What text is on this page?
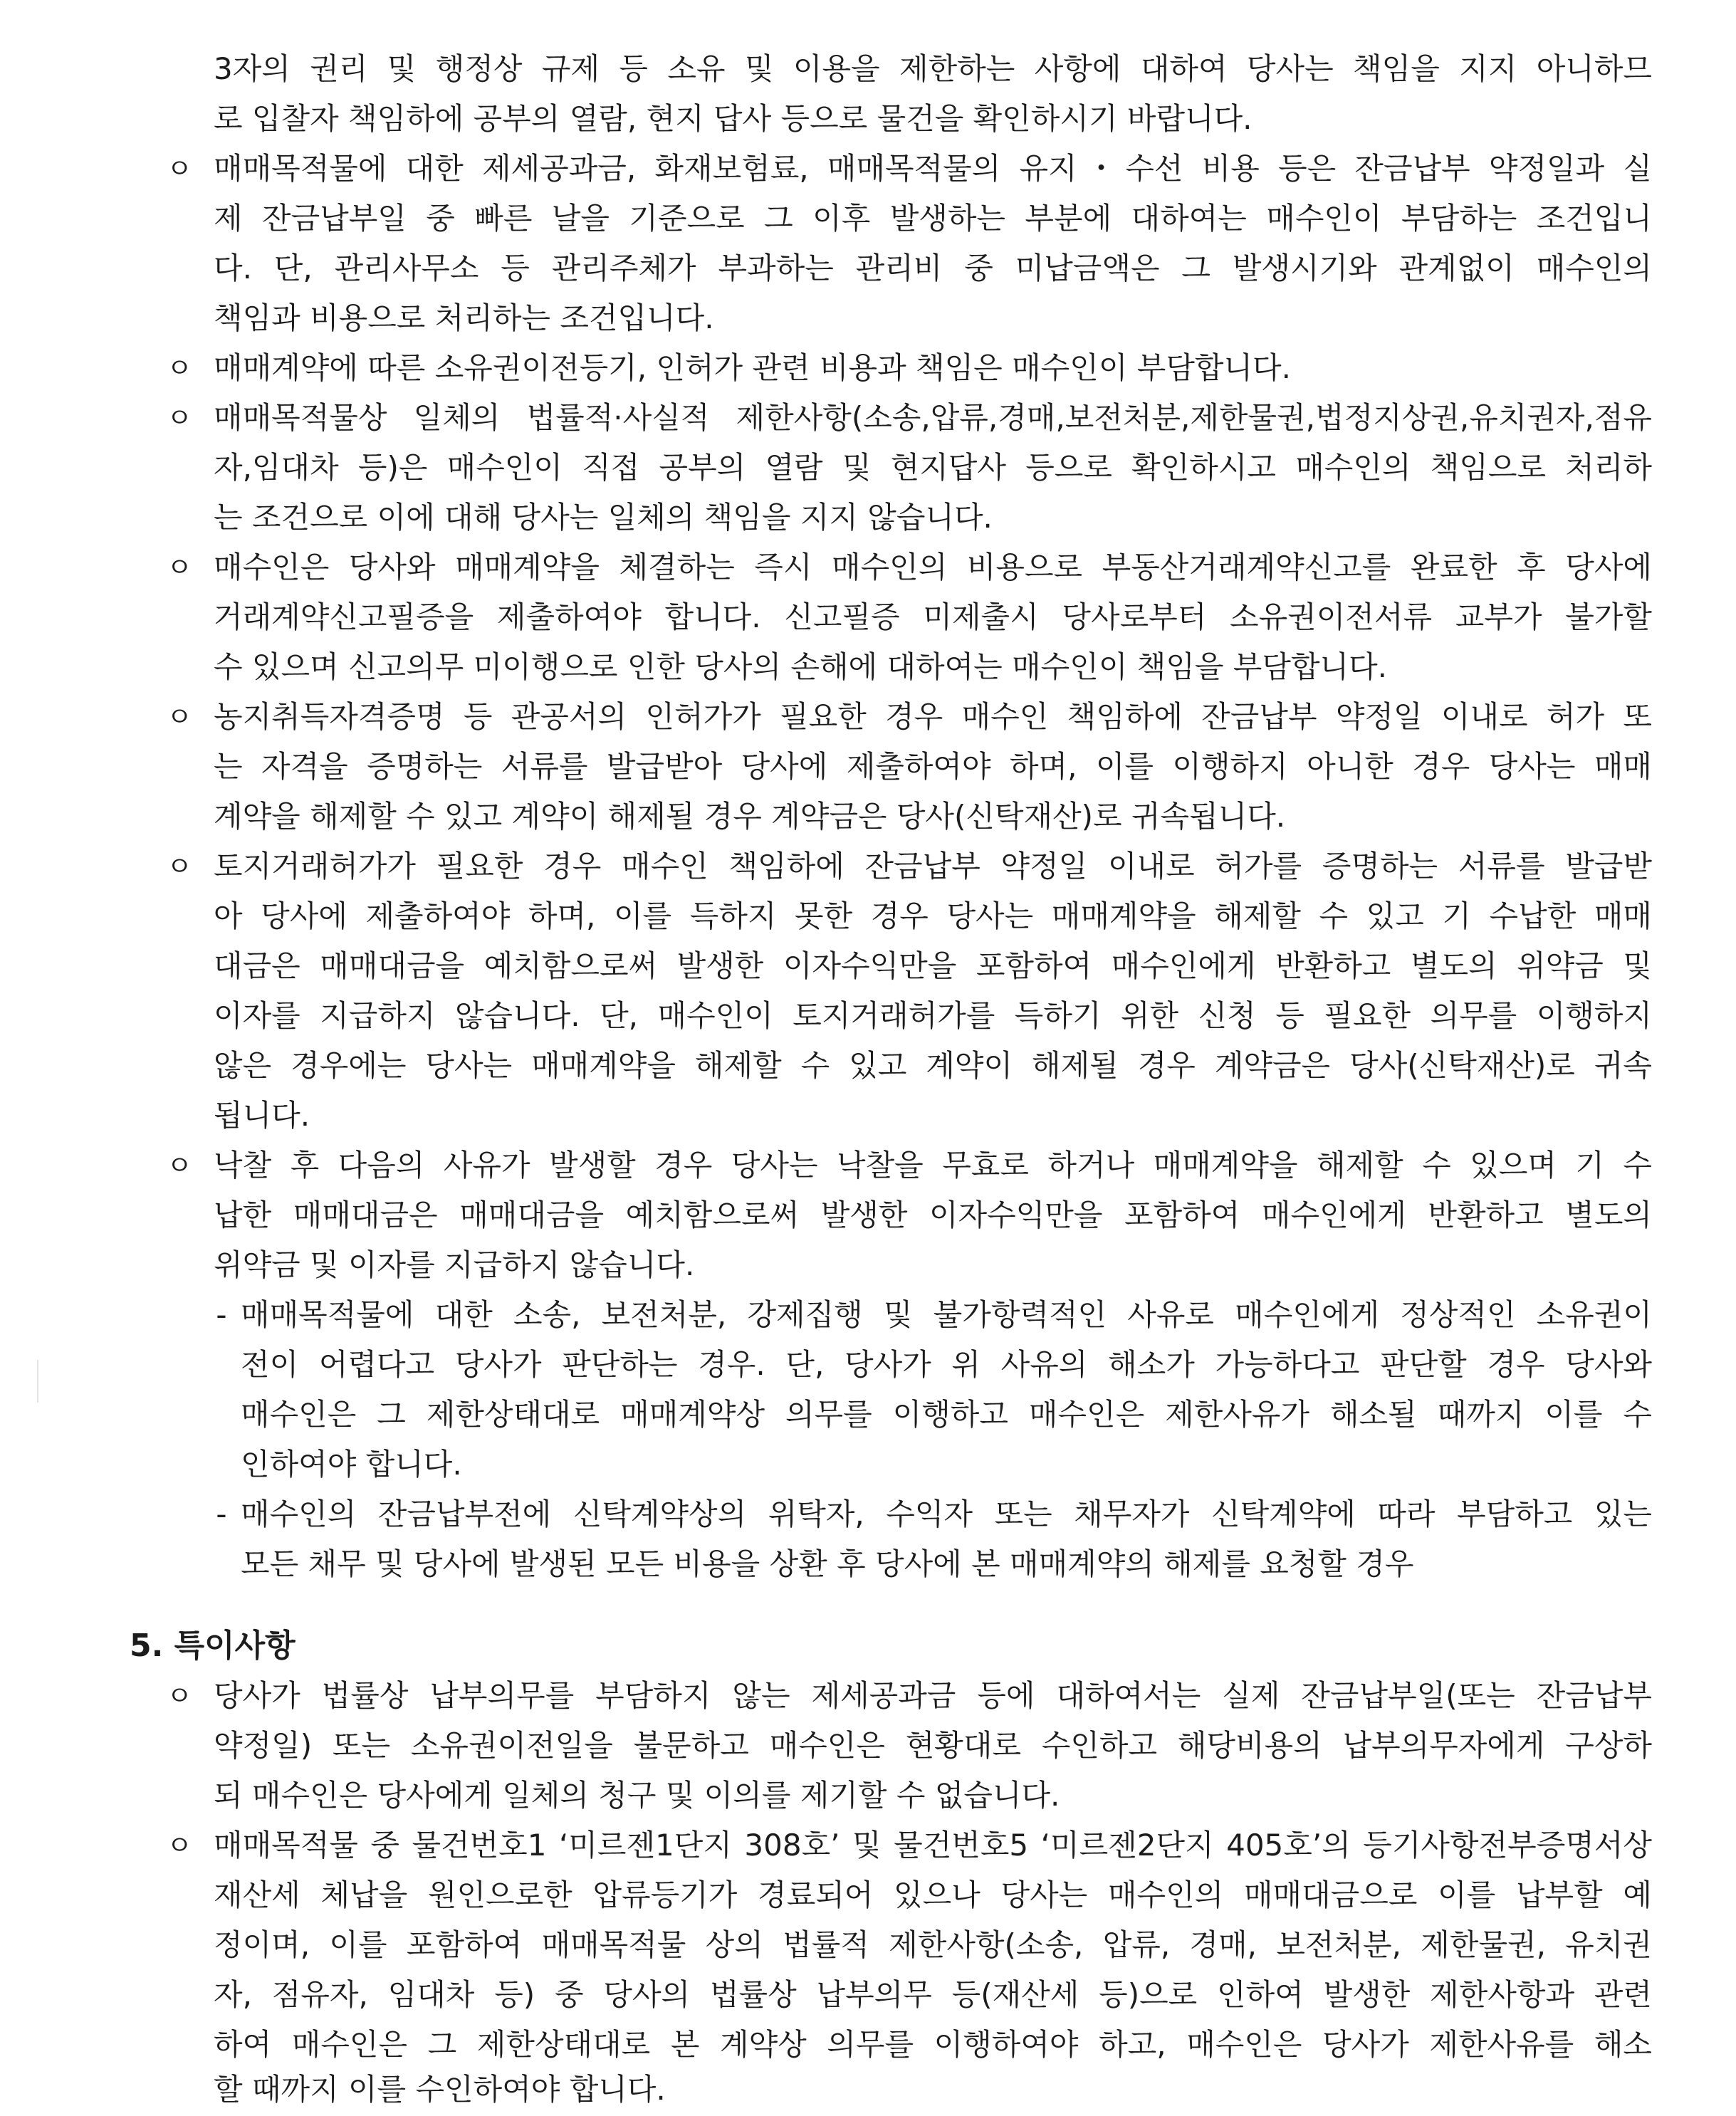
3자의 권리 및 행정상 규제 등 소유 및 이용을 제한하는 사항에 대하여 당사는 책임을 지지 아니하므
로 입찰자 책임하에 공부의 열람, 현지 답사 등으로 물건을 확인하시기 바랍니다.
ㅇ 매매목적물에 대한 제세공과금, 화재보험료, 매매목적물의 유지・수선 비용 등은 잔금납부 약정일과 실
제 잔금납부일 중 빠른 날을 기준으로 그 이후 발생하는 부분에 대하여는 매수인이 부담하는 조건입니
다. 단, 관리사무소 등 관리주체가 부과하는 관리비 중 미납금액은 그 발생시기와 관계없이 매수인의
책임과 비용으로 처리하는 조건입니다.
ㅇ 매매계약에 따른 소유권이전등기, 인허가 관련 비용과 책임은 매수인이 부담합니다.
ㅇ 매매목적물상 일체의 법률적·사실적 제한사항(소송,압류,경매,보전처분,제한물권,법정지상권,유치권자,점유
자,임대차 등)은 매수인이 직접 공부의 열람 및 현지답사 등으로 확인하시고 매수인의 책임으로 처리하
는 조건으로 이에 대해 당사는 일체의 책임을 지지 않습니다.
ㅇ 매수인은 당사와 매매계약을 체결하는 즉시 매수인의 비용으로 부동산거래계약신고를 완료한 후 당사에
거래계약신고필증을 제출하여야 합니다. 신고필증 미제출시 당사로부터 소유권이전서류 교부가 불가할
수 있으며 신고의무 미이행으로 인한 당사의 손해에 대하여는 매수인이 책임을 부담합니다.
ㅇ 농지취득자격증명 등 관공서의 인허가가 필요한 경우 매수인 책임하에 잔금납부 약정일 이내로 허가 또
는 자격을 증명하는 서류를 발급받아 당사에 제출하여야 하며, 이를 이행하지 아니한 경우 당사는 매매
계약을 해제할 수 있고 계약이 해제될 경우 계약금은 당사(신탁재산)로 귀속됩니다.
ㅇ 토지거래허가가 필요한 경우 매수인 책임하에 잔금납부 약정일 이내로 허가를 증명하는 서류를 발급받
아 당사에 제출하여야 하며, 이를 득하지 못한 경우 당사는 매매계약을 해제할 수 있고 기 수납한 매매
대금은 매매대금을 예치함으로써 발생한 이자수익만을 포함하여 매수인에게 반환하고 별도의 위약금 및
이자를 지급하지 않습니다. 단, 매수인이 토지거래허가를 득하기 위한 신청 등 필요한 의무를 이행하지
않은 경우에는 당사는 매매계약을 해제할 수 있고 계약이 해제될 경우 계약금은 당사(신탁재산)로 귀속
됩니다.
ㅇ 낙찰 후 다음의 사유가 발생할 경우 당사는 낙찰을 무효로 하거나 매매계약을 해제할 수 있으며 기 수
납한 매매대금은 매매대금을 예치함으로써 발생한 이자수익만을 포함하여 매수인에게 반환하고 별도의
위약금 및 이자를 지급하지 않습니다.
- 매매목적물에 대한 소송, 보전처분, 강제집행 및 불가항력적인 사유로 매수인에게 정상적인 소유권이
전이 어렵다고 당사가 판단하는 경우. 단, 당사가 위 사유의 해소가 가능하다고 판단할 경우 당사와
매수인은 그 제한상태대로 매매계약상 의무를 이행하고 매수인은 제한사유가 해소될 때까지 이를 수
인하여야 합니다.
- 매수인의 잔금납부전에 신탁계약상의 위탁자, 수익자 또는 채무자가 신탁계약에 따라 부담하고 있는
모든 채무 및 당사에 발생된 모든 비용을 상환 후 당사에 본 매매계약의 해제를 요청할 경우
5. 특이사항
ㅇ 당사가 법률상 납부의무를 부담하지 않는 제세공과금 등에 대하여서는 실제 잔금납부일(또는 잔금납부
약정일) 또는 소유권이전일을 불문하고 매수인은 현황대로 수인하고 해당비용의 납부의무자에게 구상하
되 매수인은 당사에게 일체의 청구 및 이의를 제기할 수 없습니다.
ㅇ 매매목적물 중 물건번호1 ‘미르젠1단지 308호’ 및 물건번호5 ‘미르젠2단지 405호’의 등기사항전부증명서상
재산세 체납을 원인으로한 압류등기가 경료되어 있으나 당사는 매수인의 매매대금으로 이를 납부할 예
정이며, 이를 포함하여 매매목적물 상의 법률적 제한사항(소송, 압류, 경매, 보전처분, 제한물권, 유치권
자, 점유자, 임대차 등) 중 당사의 법률상 납부의무 등(재산세 등)으로 인하여 발생한 제한사항과 관련
하여 매수인은 그 제한상태대로 본 계약상 의무를 이행하여야 하고, 매수인은 당사가 제한사유를 해소
할 때까지 이를 수인하여야 합니다.
